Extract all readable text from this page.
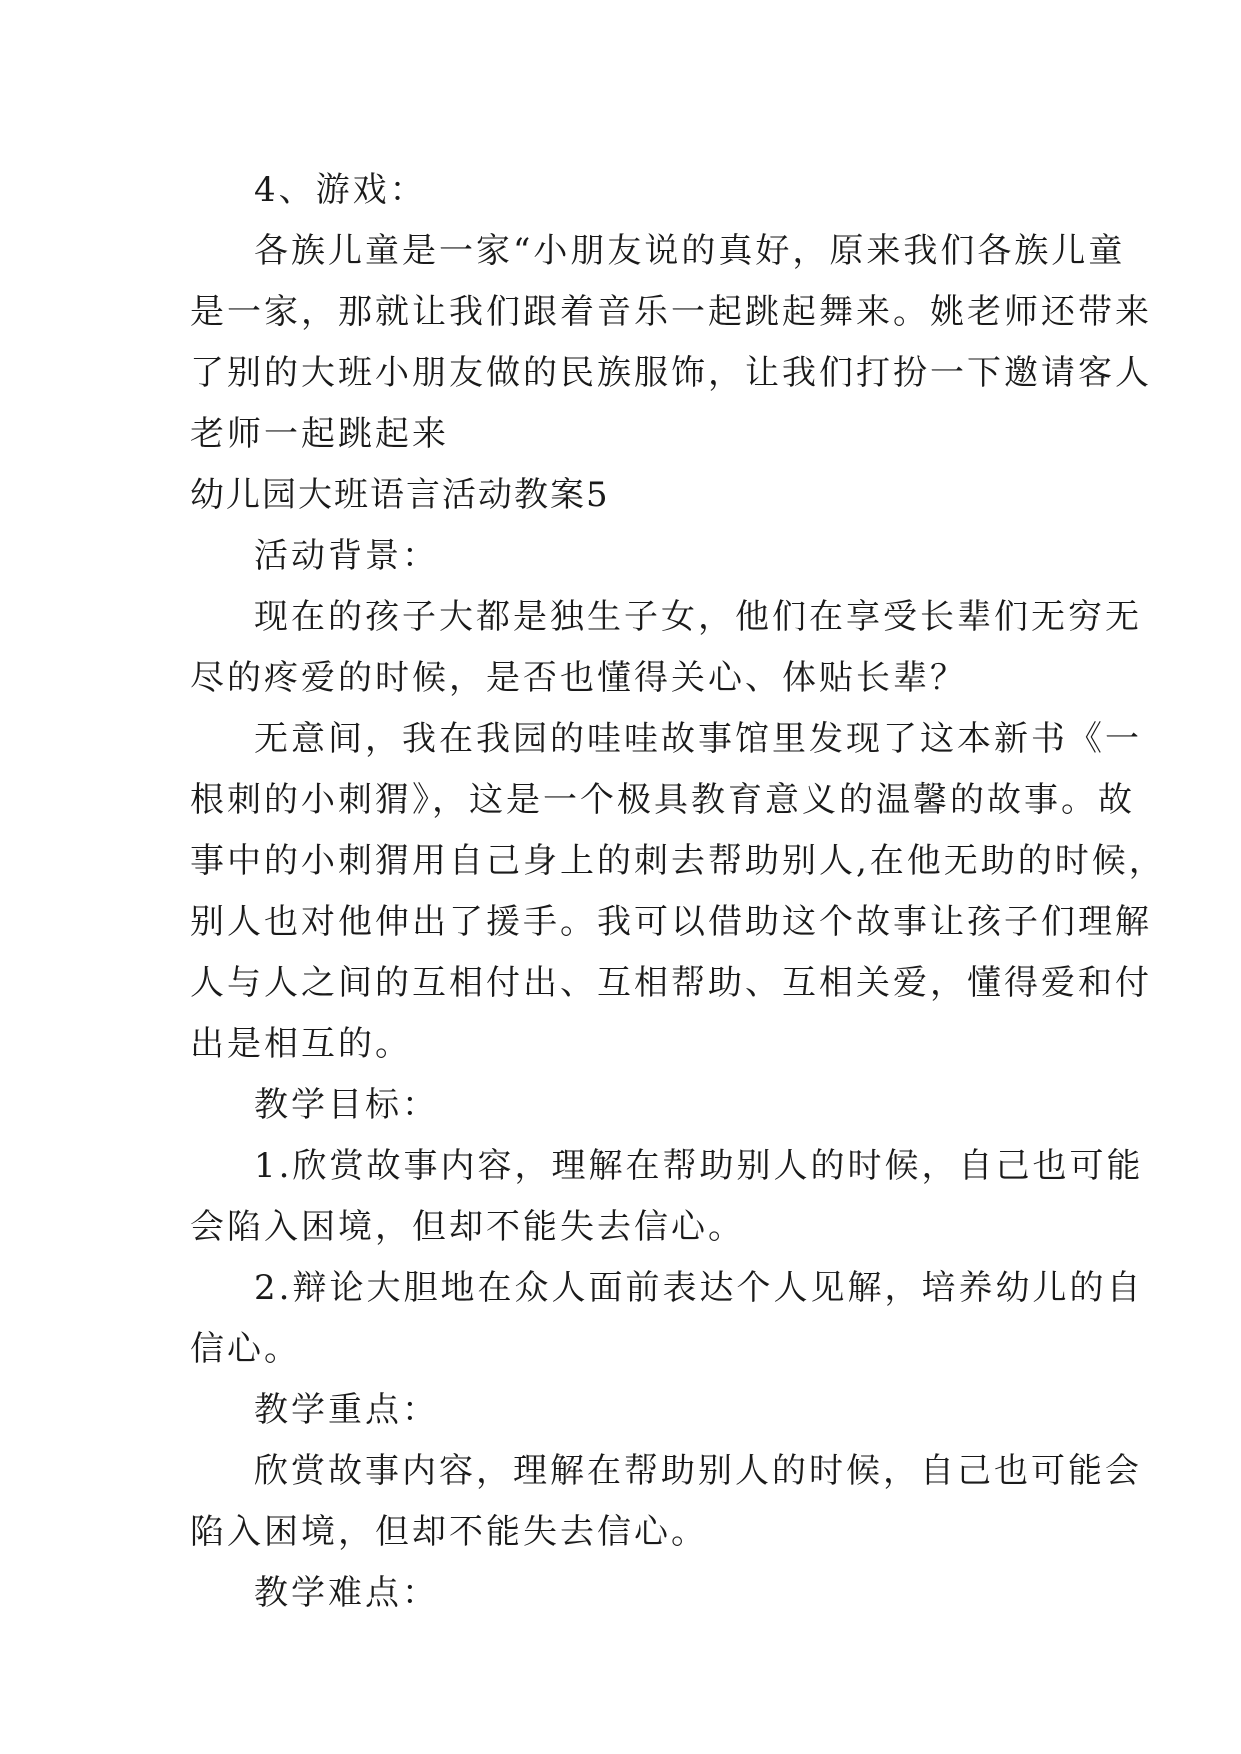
4、游戏：
各族儿童是一家“小朋友说的真好，原来我们各族儿童
是一家，那就让我们跟着音乐一起跳起舞来。姚老师还带来
了别的大班小朋友做的民族服饰，让我们打扮一下邀请客人
老师一起跳起来
幼儿园大班语言活动教案5
活动背景：
现在的孩子大都是独生子女，他们在享受长辈们无穷无
尽的疼爱的时候，是否也懂得关心、体贴长辈？
无意间，我在我园的哇哇故事馆里发现了这本新书《一
根刺的小刺猬》，这是一个极具教育意义的温馨的故事。故
事中的小刺猬用自己身上的刺去帮助别人,在他无助的时候，
别人也对他伸出了援手。我可以借助这个故事让孩子们理解
人与人之间的互相付出、互相帮助、互相关爱，懂得爱和付
出是相互的。
教学目标：
1.欣赏故事内容，理解在帮助别人的时候，自己也可能
会陷入困境，但却不能失去信心。
2.辩论大胆地在众人面前表达个人见解，培养幼儿的自
信心。
教学重点：
欣赏故事内容，理解在帮助别人的时候，自己也可能会
陷入困境，但却不能失去信心。
教学难点：
